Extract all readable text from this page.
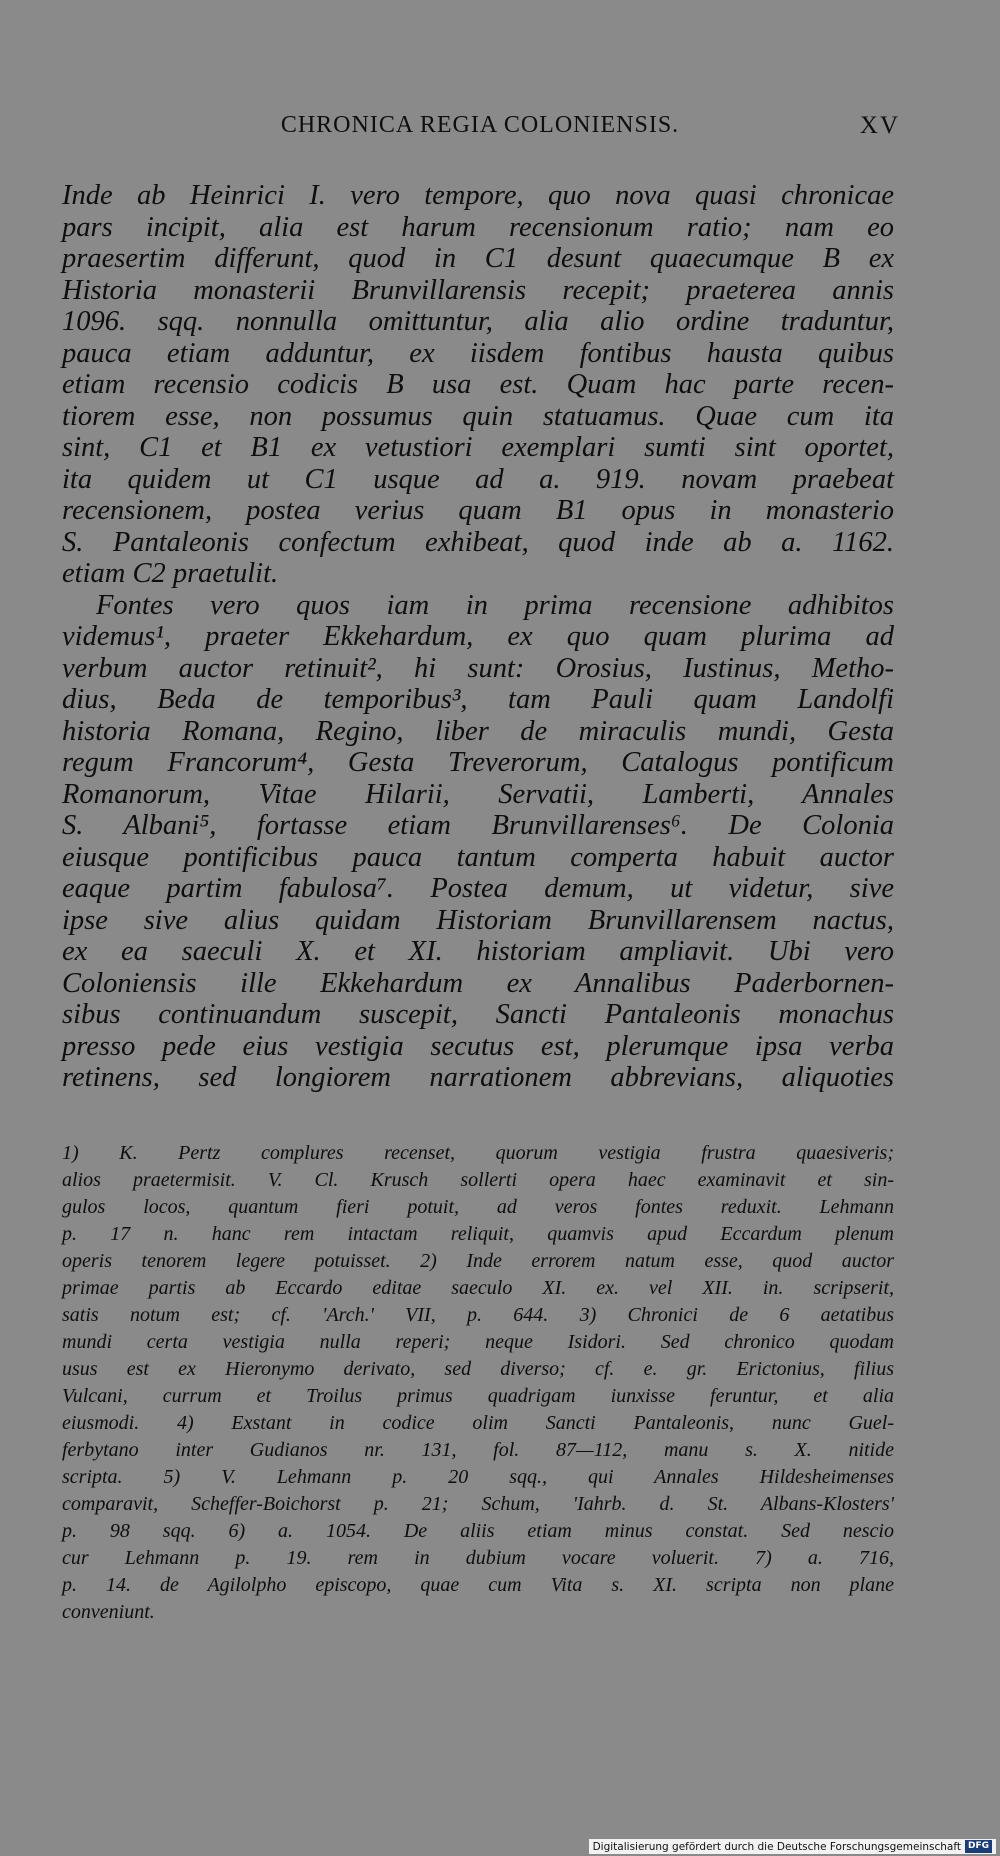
CHRONICA REGIA COLONIENSIS.	XV
Inde ab Heinrici I. vero tempore, quo nova quasi chronicae
pars incipit, alia est harum recensionum ratio; nam eo
praesertim differunt, quod in C1 desunt quaecumque B ex
Historia monasterii Brunvillarensis recepit; praeterea annis
1096. sqq. nonnulla omittuntur, alia alio ordine traduntur,
pauca etiam adduntur, ex iisdem fontibus hausta quibus
etiam recensio codicis B usa est. Quam hac parte recen-
tiorem esse, non possumus quin statuamus. Quae cum ita
sint, C1 et B1 ex vetustiori exemplari sumti sint oportet,
ita quidem ut C1 usque ad a. 919. novam praebeat
recensionem, postea verius quam B1 opus in monasterio
S. Pantaleonis confectum exhibeat, quod inde ab a. 1162.
etiam C2 praetulit.
Fontes vero quos iam in prima recensione adhibitos
videmus¹, praeter Ekkehardum, ex quo quam plurima ad
verbum auctor retinuit², hi sunt: Orosius, Iustinus, Metho-
dius, Beda de temporibus³, tam Pauli quam Landolfi
historia Romana, Regino, liber de miraculis mundi, Gesta
regum Francorum⁴, Gesta Treverorum, Catalogus pontificum
Romanorum, Vitae Hilarii, Servatii, Lamberti, Annales
S. Albani⁵, fortasse etiam Brunvillarenses⁶. De Colonia
eiusque pontificibus pauca tantum comperta habuit auctor
eaque partim fabulosa⁷. Postea demum, ut videtur, sive
ipse sive alius quidam Historiam Brunvillarensem nactus,
ex ea saeculi X. et XI. historiam ampliavit. Ubi vero
Coloniensis ille Ekkehardum ex Annalibus Paderbornen-
sibus continuandum suscepit, Sancti Pantaleonis monachus
presso pede eius vestigia secutus est, plerumque ipsa verba
retinens, sed longiorem narrationem abbrevians, aliquoties
1) K. Pertz complures recenset, quorum vestigia frustra quaesiveris;
alios praetermisit. V. Cl. Krusch sollerti opera haec examinavit et sin-
gulos locos, quantum fieri potuit, ad veros fontes reduxit. Lehmann
p. 17 n. hanc rem intactam reliquit, quamvis apud Eccardum plenum
operis tenorem legere potuisset. 2) Inde errorem natum esse, quod auctor
primae partis ab Eccardo editae saeculo XI. ex. vel XII. in. scripserit,
satis notum est; cf. 'Arch.' VII, p. 644. 3) Chronici de 6 aetatibus
mundi certa vestigia nulla reperi; neque Isidori. Sed chronico quodam
usus est ex Hieronymo derivato, sed diverso; cf. e. gr. Erictonius, filius
Vulcani, currum et Troilus primus quadrigam iunxisse feruntur, et alia
eiusmodi. 4) Exstant in codice olim Sancti Pantaleonis, nunc Guel-
ferbytano inter Gudianos nr. 131, fol. 87—112, manu s. X. nitide
scripta. 5) V. Lehmann p. 20 sqq., qui Annales Hildesheimenses
comparavit, Scheffer-Boichorst p. 21; Schum, 'Iahrb. d. St. Albans-Klosters'
p. 98 sqq. 6) a. 1054. De aliis etiam minus constat. Sed nescio
cur Lehmann p. 19. rem in dubium vocare voluerit. 7) a. 716,
p. 14. de Agilolpho episcopo, quae cum Vita s. XI. scripta non plane
conveniunt.
Digitalisierung gefördert durch die Deutsche Forschungsgemeinschaft DFG
